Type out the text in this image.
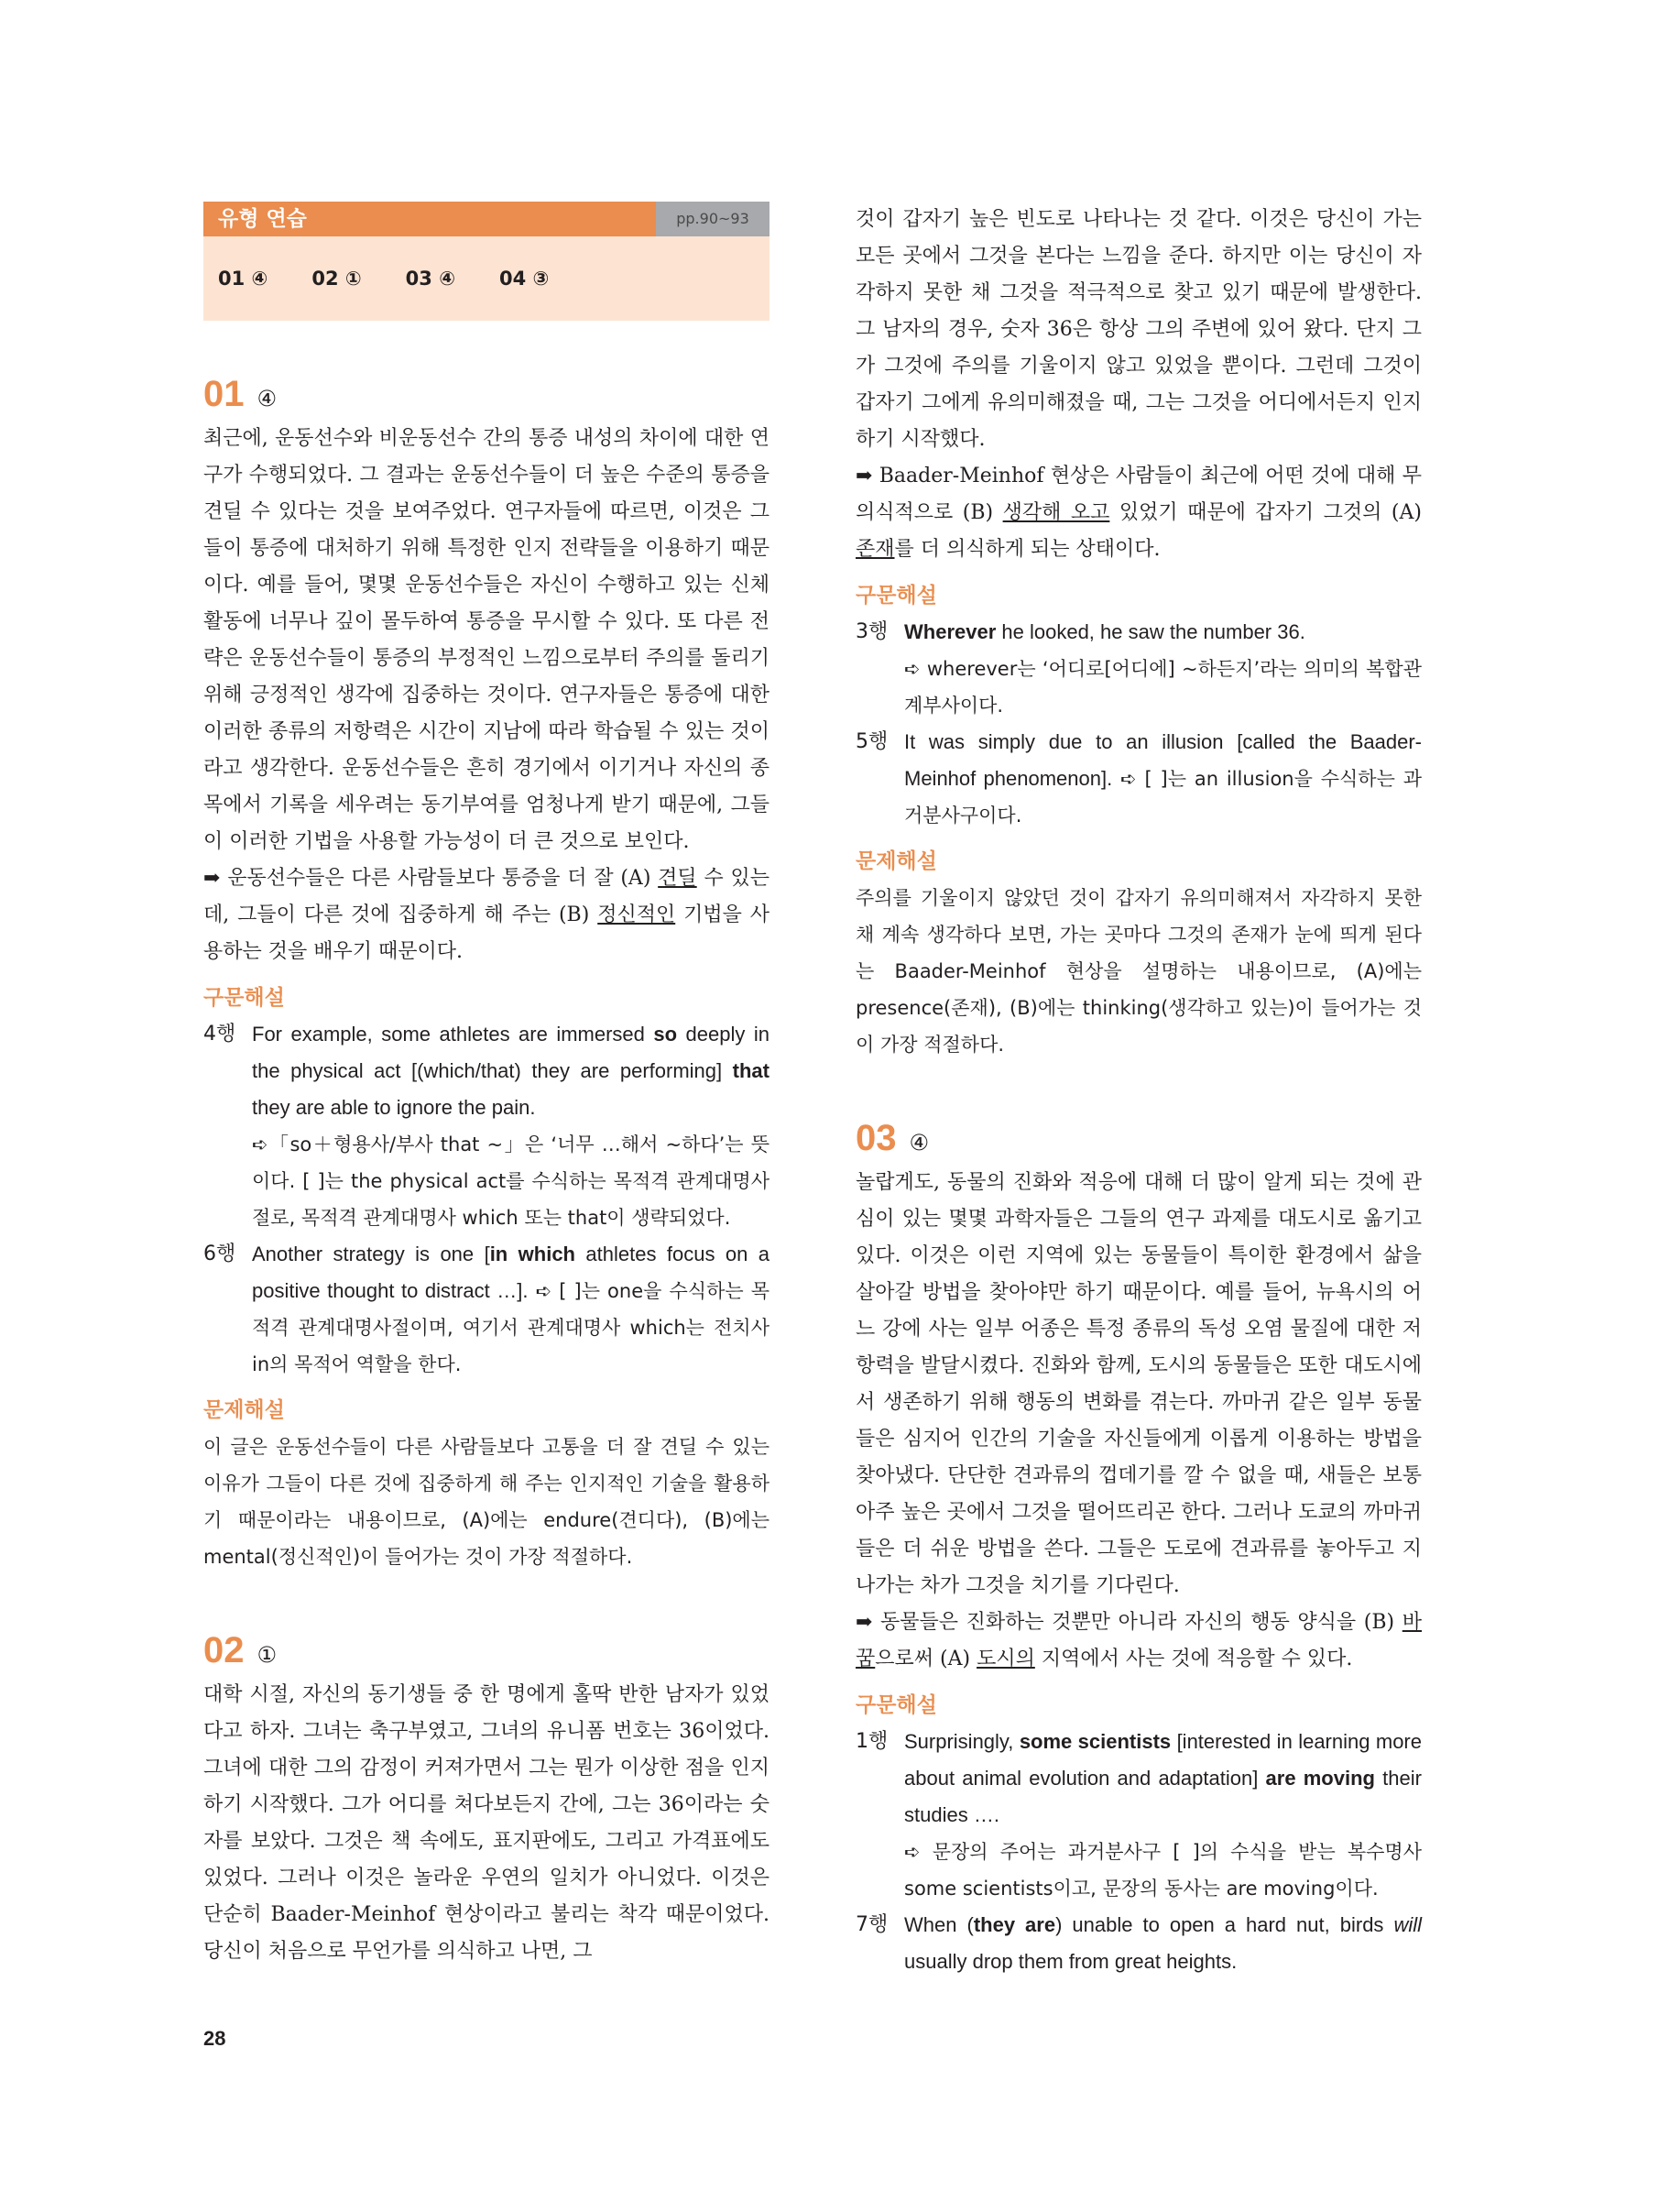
유형 연습	pp.90~93
01 ④ 02 ① 03 ④ 04 ③
01 ④

최근에, 운동선수와 비운동선수 간의 통증 내성의 차이에 대한 연구가 수행되었다. 그 결과는 운동선수들이 더 높은 수준의 통증을 견딜 수 있다는 것을 보여주었다. 연구자들에 따르면, 이것은 그들이 통증에 대처하기 위해 특정한 인지 전략들을 이용하기 때문이다. 예를 들어, 몇몇 운동선수들은 자신이 수행하고 있는 신체 활동에 너무나 깊이 몰두하여 통증을 무시할 수 있다. 또 다른 전략은 운동선수들이 통증의 부정적인 느낌으로부터 주의를 돌리기 위해 긍정적인 생각에 집중하는 것이다. 연구자들은 통증에 대한 이러한 종류의 저항력은 시간이 지남에 따라 학습될 수 있는 것이라고 생각한다. 운동선수들은 흔히 경기에서 이기거나 자신의 종목에서 기록을 세우려는 동기부여를 엄청나게 받기 때문에, 그들이 이러한 기법을 사용할 가능성이 더 큰 것으로 보인다.

➡ 운동선수들은 다른 사람들보다 통증을 더 잘 (A) 견딜 수 있는데, 그들이 다른 것에 집중하게 해 주는 (B) 정신적인 기법을 사용하는 것을 배우기 때문이다.

구문해설
4행 For example, some athletes are immersed so deeply in the physical act [(which/that) they are performing] that they are able to ignore the pain.
➪「so＋형용사/부사 that ~」은 ‘너무 …해서 ~하다’는 뜻이다. [ ]는 the physical act를 수식하는 목적격 관계대명사절로, 목적격 관계대명사 which 또는 that이 생략되었다.
6행 Another strategy is one [in which athletes focus on a positive thought to distract …]. ➪ [ ]는 one을 수식하는 목적격 관계대명사절이며, 여기서 관계대명사 which는 전치사 in의 목적어 역할을 한다.
문제해설

이 글은 운동선수들이 다른 사람들보다 고통을 더 잘 견딜 수 있는 이유가 그들이 다른 것에 집중하게 해 주는 인지적인 기술을 활용하기 때문이라는 내용이므로, (A)에는 endure(견디다), (B)에는 mental(정신적인)이 들어가는 것이 가장 적절하다.

02 ①

대학 시절, 자신의 동기생들 중 한 명에게 홀딱 반한 남자가 있었다고 하자. 그녀는 축구부였고, 그녀의 유니폼 번호는 36이었다. 그녀에 대한 그의 감정이 커져가면서 그는 뭔가 이상한 점을 인지하기 시작했다. 그가 어디를 쳐다보든지 간에, 그는 36이라는 숫자를 보았다. 그것은 책 속에도, 표지판에도, 그리고 가격표에도 있었다. 그러나 이것은 놀라운 우연의 일치가 아니었다. 이것은 단순히 Baader-Meinhof 현상이라고 불리는 착각 때문이었다. 당신이 처음으로 무언가를 의식하고 나면, 그

것이 갑자기 높은 빈도로 나타나는 것 같다. 이것은 당신이 가는 모든 곳에서 그것을 본다는 느낌을 준다. 하지만 이는 당신이 자각하지 못한 채 그것을 적극적으로 찾고 있기 때문에 발생한다. 그 남자의 경우, 숫자 36은 항상 그의 주변에 있어 왔다. 단지 그가 그것에 주의를 기울이지 않고 있었을 뿐이다. 그런데 그것이 갑자기 그에게 유의미해졌을 때, 그는 그것을 어디에서든지 인지하기 시작했다.

➡ Baader-Meinhof 현상은 사람들이 최근에 어떤 것에 대해 무의식적으로 (B) 생각해 오고 있었기 때문에 갑자기 그것의 (A) 존재를 더 의식하게 되는 상태이다.

구문해설
3행 Wherever he looked, he saw the number 36.
➪ wherever는 ‘어디로[어디에] ~하든지’라는 의미의 복합관계부사이다.
5행 It was simply due to an illusion [called the Baader-Meinhof phenomenon]. ➪ [ ]는 an illusion을 수식하는 과거분사구이다.
문제해설

주의를 기울이지 않았던 것이 갑자기 유의미해져서 자각하지 못한 채 계속 생각하다 보면, 가는 곳마다 그것의 존재가 눈에 띄게 된다는 Baader-Meinhof 현상을 설명하는 내용이므로, (A)에는 presence(존재), (B)에는 thinking(생각하고 있는)이 들어가는 것이 가장 적절하다.

03 ④

놀랍게도, 동물의 진화와 적응에 대해 더 많이 알게 되는 것에 관심이 있는 몇몇 과학자들은 그들의 연구 과제를 대도시로 옮기고 있다. 이것은 이런 지역에 있는 동물들이 특이한 환경에서 삶을 살아갈 방법을 찾아야만 하기 때문이다. 예를 들어, 뉴욕시의 어느 강에 사는 일부 어종은 특정 종류의 독성 오염 물질에 대한 저항력을 발달시켰다. 진화와 함께, 도시의 동물들은 또한 대도시에서 생존하기 위해 행동의 변화를 겪는다. 까마귀 같은 일부 동물들은 심지어 인간의 기술을 자신들에게 이롭게 이용하는 방법을 찾아냈다. 단단한 견과류의 껍데기를 깔 수 없을 때, 새들은 보통 아주 높은 곳에서 그것을 떨어뜨리곤 한다. 그러나 도쿄의 까마귀들은 더 쉬운 방법을 쓴다. 그들은 도로에 견과류를 놓아두고 지나가는 차가 그것을 치기를 기다린다.

➡ 동물들은 진화하는 것뿐만 아니라 자신의 행동 양식을 (B) 바꿈으로써 (A) 도시의 지역에서 사는 것에 적응할 수 있다.

구문해설
1행 Surprisingly, some scientists [interested in learning more about animal evolution and adaptation] are moving their studies ….
➪ 문장의 주어는 과거분사구 [ ]의 수식을 받는 복수명사 some scientists이고, 문장의 동사는 are moving이다.
7행 When (they are) unable to open a hard nut, birds will usually drop them from great heights.
28
